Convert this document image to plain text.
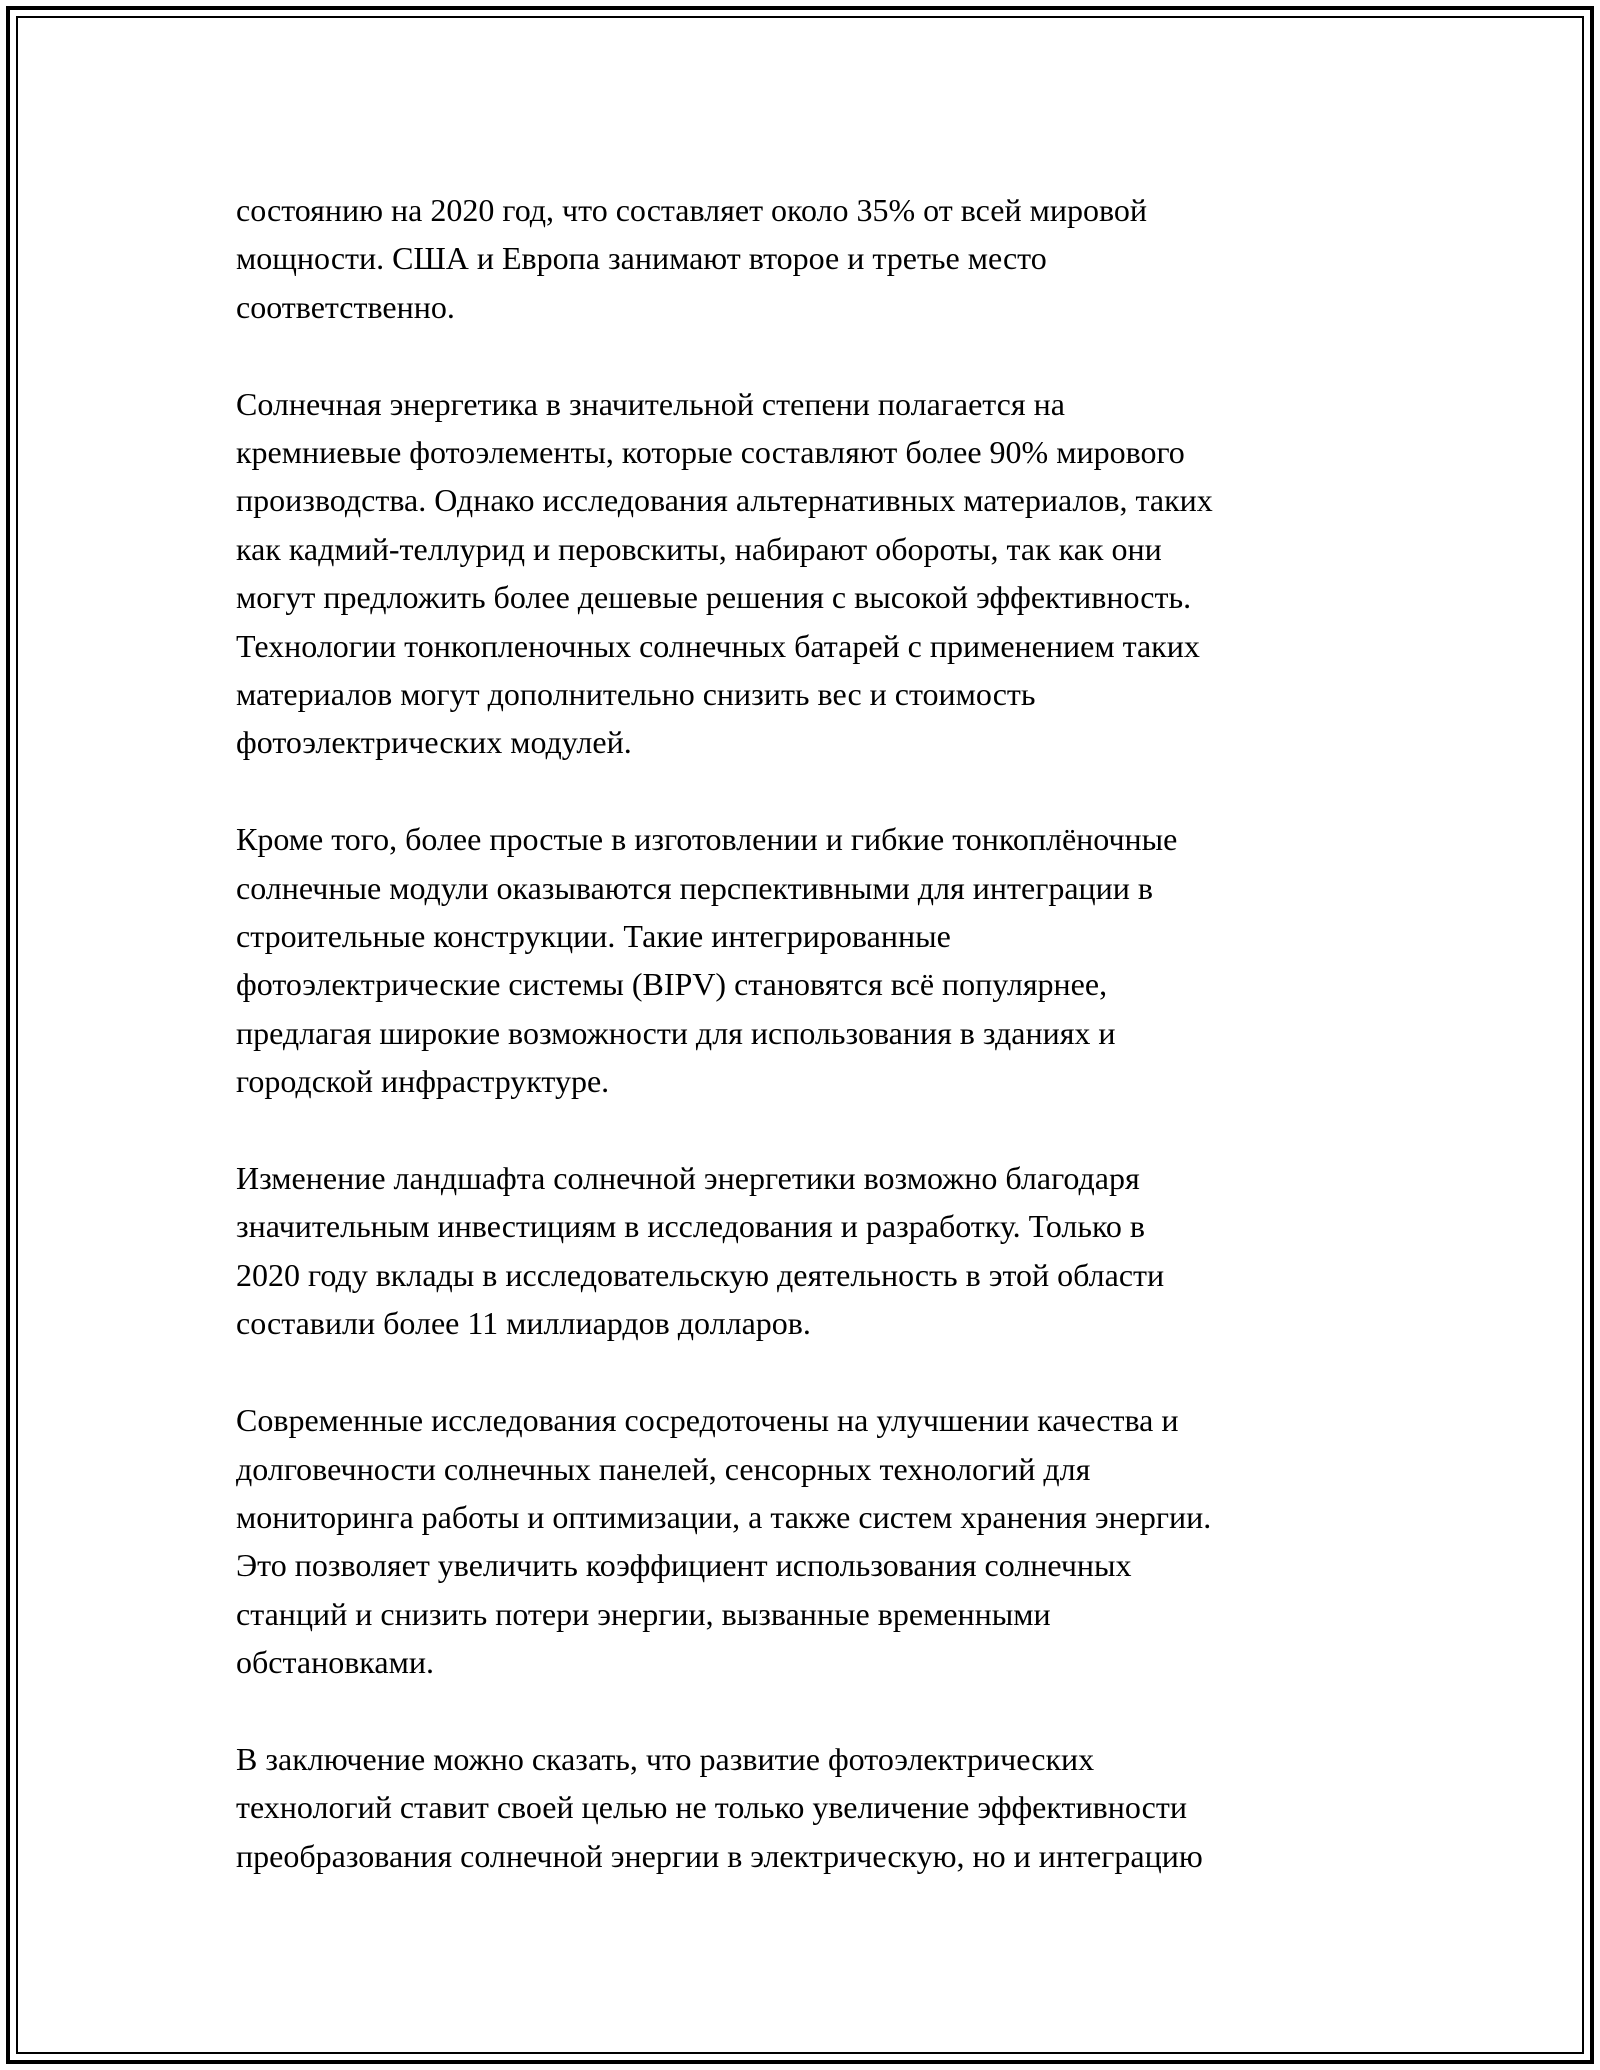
состоянию на 2020 год, что составляет около 35% от всей мировой
мощности. США и Европа занимают второе и третье место
соответственно.

Солнечная энергетика в значительной степени полагается на
кремниевые фотоэлементы, которые составляют более 90% мирового
производства. Однако исследования альтернативных материалов, таких
как кадмий-теллурид и перовскиты, набирают обороты, так как они
могут предложить более дешевые решения с высокой эффективность.
Технологии тонкопленочных солнечных батарей с применением таких
материалов могут дополнительно снизить вес и стоимость
фотоэлектрических модулей.

Кроме того, более простые в изготовлении и гибкие тонкоплёночные
солнечные модули оказываются перспективными для интеграции в
строительные конструкции. Такие интегрированные
фотоэлектрические системы (BIPV) становятся всё популярнее,
предлагая широкие возможности для использования в зданиях и
городской инфраструктуре.

Изменение ландшафта солнечной энергетики возможно благодаря
значительным инвестициям в исследования и разработку. Только в
2020 году вклады в исследовательскую деятельность в этой области
составили более 11 миллиардов долларов.

Современные исследования сосредоточены на улучшении качества и
долговечности солнечных панелей, сенсорных технологий для
мониторинга работы и оптимизации, а также систем хранения энергии.
Это позволяет увеличить коэффициент использования солнечных
станций и снизить потери энергии, вызванные временными
обстановками.

В заключение можно сказать, что развитие фотоэлектрических
технологий ставит своей целью не только увеличение эффективности
преобразования солнечной энергии в электрическую, но и интеграцию
